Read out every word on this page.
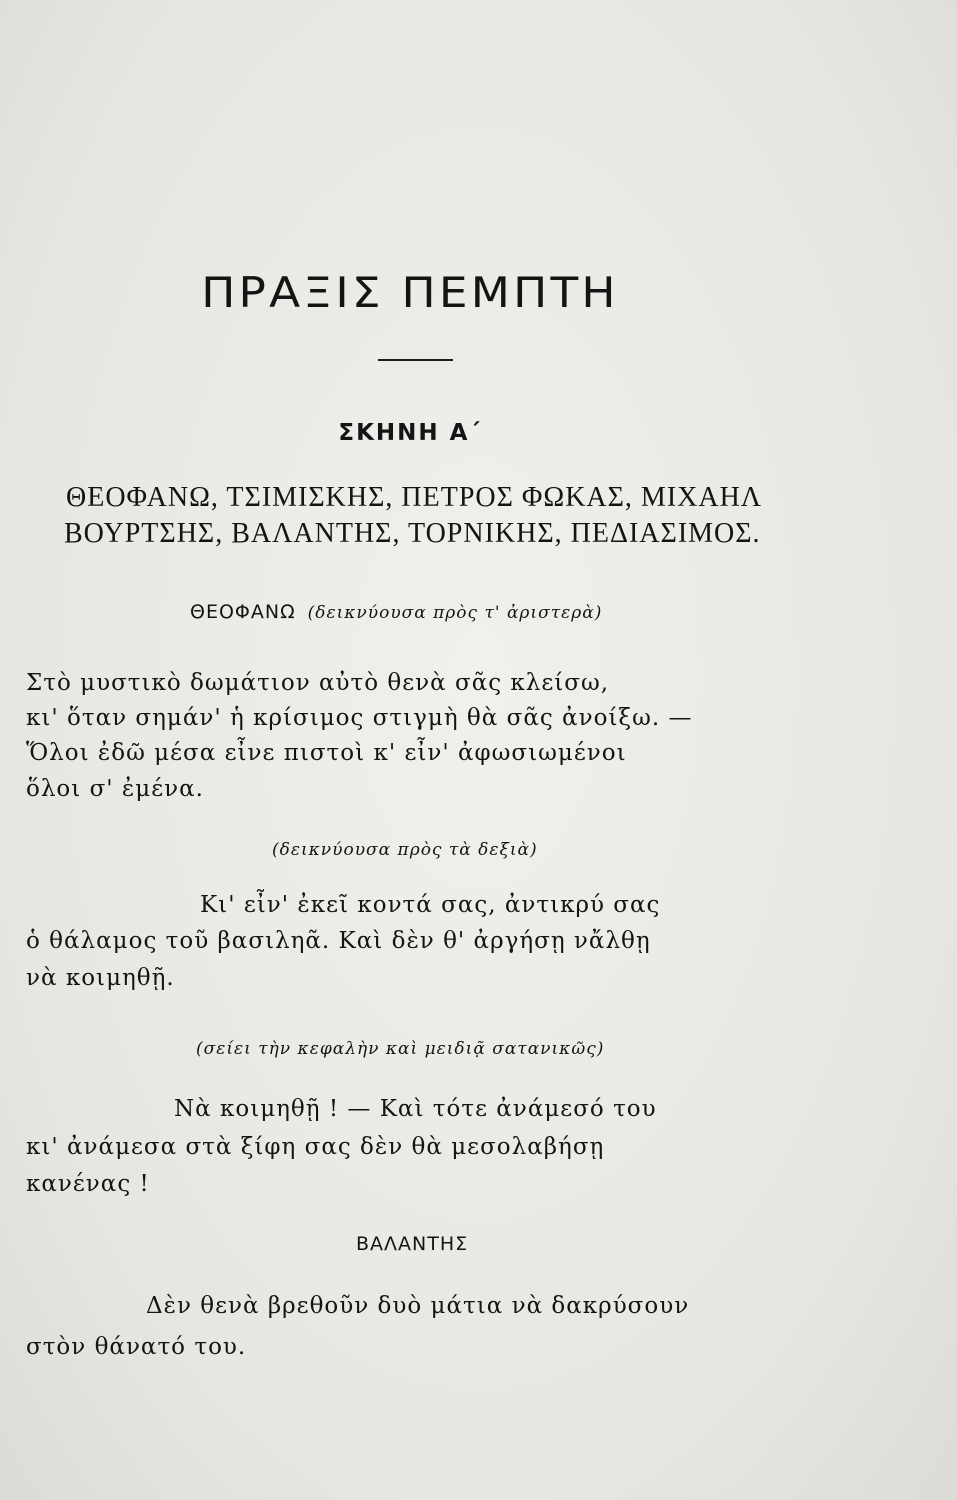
ΠΡΑΞΙΣ ΠΕΜΠΤΗ
ΣΚΗΝΗ Α΄
ΘΕΟΦΑΝΩ, ΤΣΙΜΙΣΚΗΣ, ΠΕΤΡΟΣ ΦΩΚΑΣ, ΜΙΧΑΗΛ
ΒΟΥΡΤΣΗΣ, ΒΑΛΑΝΤΗΣ, ΤΟΡΝΙΚΗΣ, ΠΕΔΙΑΣΙΜΟΣ.
ΘΕΟΦΑΝΩ (δεικνύουσα πρὸς τ' ἀριστερὰ)
Στὸ μυστικὸ δωμάτιον αὐτὸ θενὰ σᾶς κλείσω,
κι' ὅταν σημάν' ἡ κρίσιμος στιγμὴ θὰ σᾶς ἀνοίξω. —
Ὅλοι ἐδῶ μέσα εἶνε πιστοὶ κ' εἶν' ἀφωσιωμένοι
ὅλοι σ' ἐμένα.
(δεικνύουσα πρὸς τὰ δεξιὰ)
Κι' εἶν' ἐκεῖ κοντά σας, ἀντικρύ σας
ὁ θάλαμος τοῦ βασιληᾶ. Καὶ δὲν θ' ἀργήσῃ νἄλθῃ
νὰ κοιμηθῇ.
(σείει τὴν κεφαλὴν καὶ μειδιᾷ σατανικῶς)
Νὰ κοιμηθῇ ! — Καὶ τότε ἀνάμεσό του
κι' ἀνάμεσα στὰ ξίφη σας δὲν θὰ μεσολαβήσῃ
κανένας !
ΒΑΛΑΝΤΗΣ
Δὲν θενὰ βρεθοῦν δυὸ μάτια νὰ δακρύσουν
στὸν θάνατό του.
